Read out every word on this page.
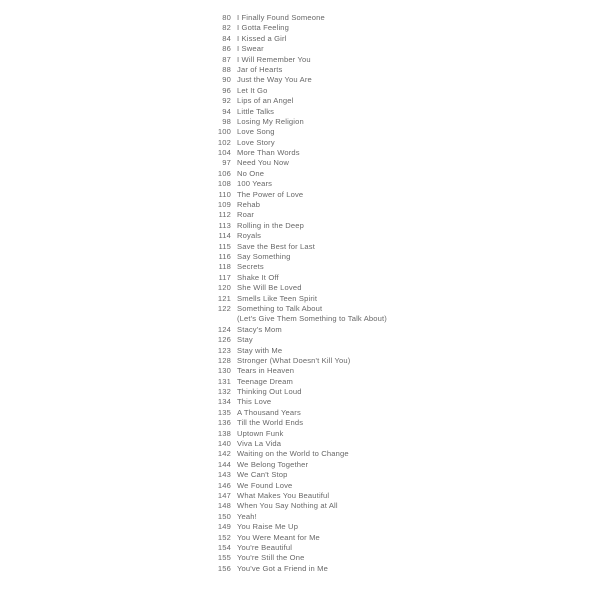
80 I Finally Found Someone
82 I Gotta Feeling
84 I Kissed a Girl
86 I Swear
87 I Will Remember You
88 Jar of Hearts
90 Just the Way You Are
96 Let It Go
92 Lips of an Angel
94 Little Talks
98 Losing My Religion
100 Love Song
102 Love Story
104 More Than Words
97 Need You Now
106 No One
108 100 Years
110 The Power of Love
109 Rehab
112 Roar
113 Rolling in the Deep
114 Royals
115 Save the Best for Last
116 Say Something
118 Secrets
117 Shake It Off
120 She Will Be Loved
121 Smells Like Teen Spirit
122 Something to Talk About
(Let's Give Them Something to Talk About)
124 Stacy's Mom
126 Stay
123 Stay with Me
128 Stronger (What Doesn't Kill You)
130 Tears in Heaven
131 Teenage Dream
132 Thinking Out Loud
134 This Love
135 A Thousand Years
136 Till the World Ends
138 Uptown Funk
140 Viva La Vida
142 Waiting on the World to Change
144 We Belong Together
143 We Can't Stop
146 We Found Love
147 What Makes You Beautiful
148 When You Say Nothing at All
150 Yeah!
149 You Raise Me Up
152 You Were Meant for Me
154 You're Beautiful
155 You're Still the One
156 You've Got a Friend in Me
